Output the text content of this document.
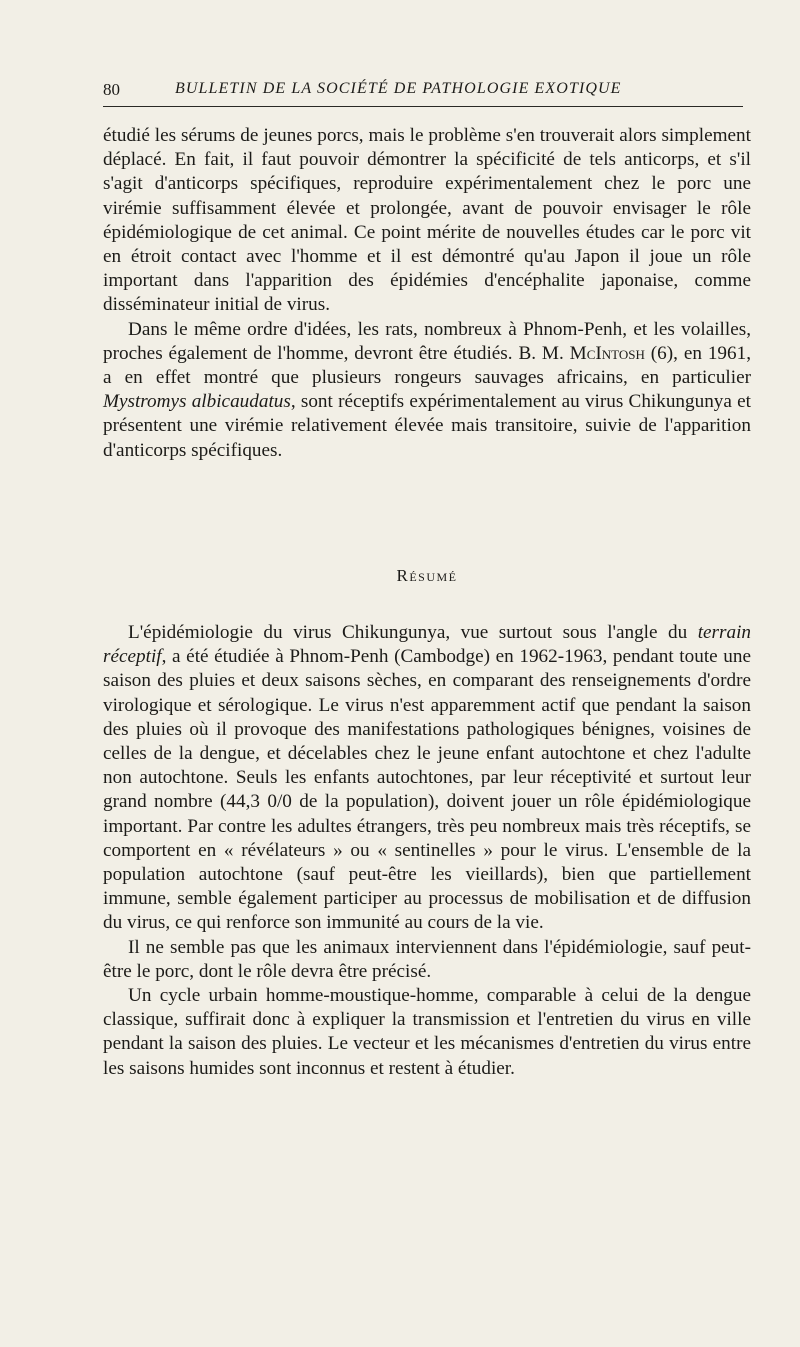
80	BULLETIN DE LA SOCIÉTÉ DE PATHOLOGIE EXOTIQUE

étudié les sérums de jeunes porcs, mais le problème s'en trouverait alors simplement déplacé. En fait, il faut pouvoir démontrer la spécificité de tels anticorps, et s'il s'agit d'anticorps spécifiques, reproduire expérimentalement chez le porc une virémie suffisamment élevée et prolongée, avant de pouvoir envisager le rôle épidémiologique de cet animal. Ce point mérite de nouvelles études car le porc vit en étroit contact avec l'homme et il est démontré qu'au Japon il joue un rôle important dans l'apparition des épidémies d'encéphalite japonaise, comme disséminateur initial de virus.

Dans le même ordre d'idées, les rats, nombreux à Phnom-Penh, et les volailles, proches également de l'homme, devront être étudiés. B. M. McIntosh (6), en 1961, a en effet montré que plusieurs rongeurs sauvages africains, en particulier Mystromys albicaudatus, sont réceptifs expérimentalement au virus Chikungunya et présentent une virémie relativement élevée mais transitoire, suivie de l'apparition d'anticorps spécifiques.

Résumé

L'épidémiologie du virus Chikungunya, vue surtout sous l'angle du terrain réceptif, a été étudiée à Phnom-Penh (Cambodge) en 1962-1963, pendant toute une saison des pluies et deux saisons sèches, en comparant des renseignements d'ordre virologique et sérologique. Le virus n'est apparemment actif que pendant la saison des pluies où il provoque des manifestations pathologiques bénignes, voisines de celles de la dengue, et décelables chez le jeune enfant autochtone et chez l'adulte non autochtone. Seuls les enfants autochtones, par leur réceptivité et surtout leur grand nombre (44,3 0/0 de la population), doivent jouer un rôle épidémiologique important. Par contre les adultes étrangers, très peu nombreux mais très réceptifs, se comportent en « révélateurs » ou « sentinelles » pour le virus. L'ensemble de la population autochtone (sauf peut-être les vieillards), bien que partiellement immune, semble également participer au processus de mobilisation et de diffusion du virus, ce qui renforce son immunité au cours de la vie.

Il ne semble pas que les animaux interviennent dans l'épidémiologie, sauf peut-être le porc, dont le rôle devra être précisé.

Un cycle urbain homme-moustique-homme, comparable à celui de la dengue classique, suffirait donc à expliquer la transmission et l'entretien du virus en ville pendant la saison des pluies. Le vecteur et les mécanismes d'entretien du virus entre les saisons humides sont inconnus et restent à étudier.
